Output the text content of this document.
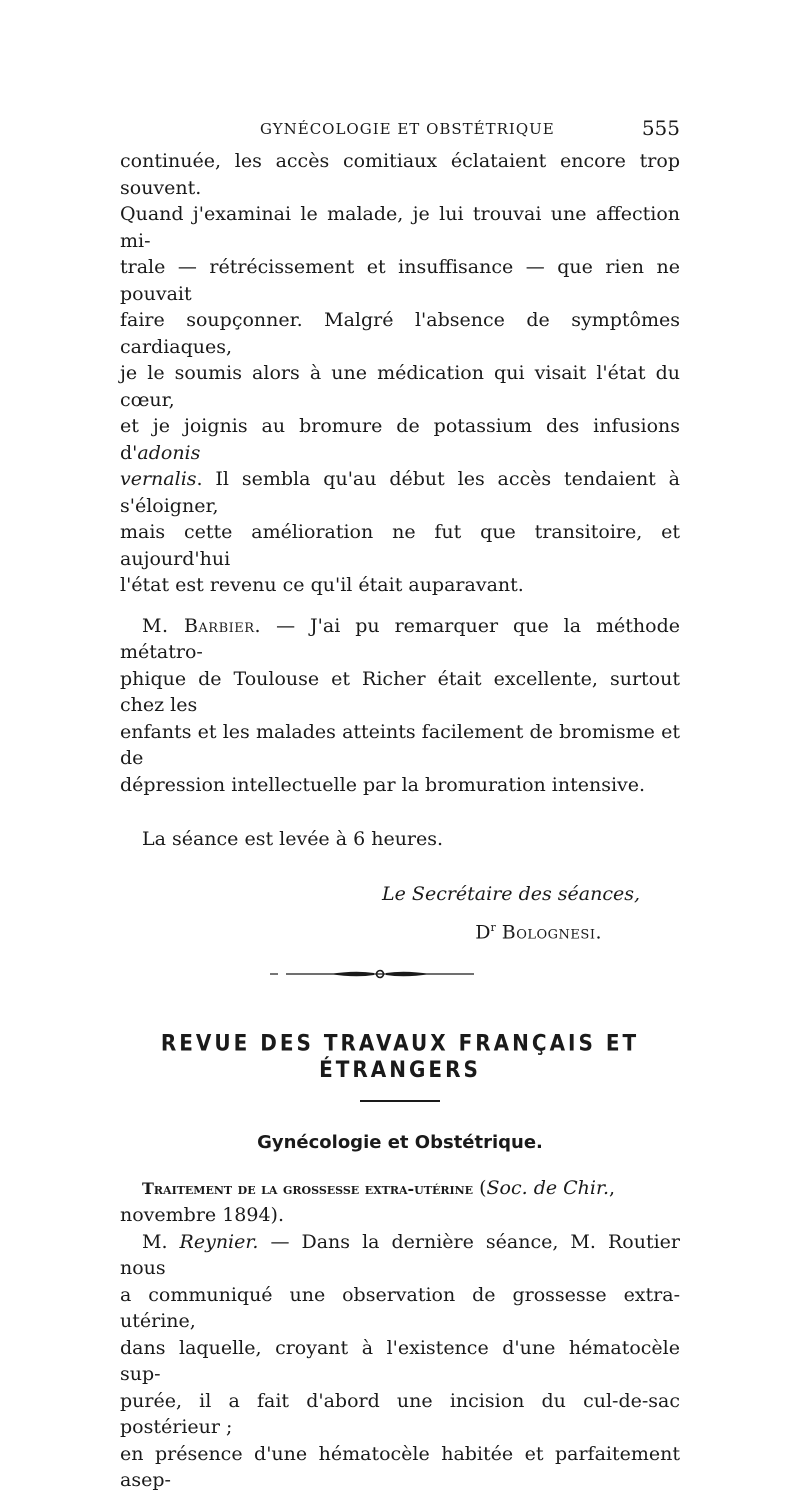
GYNÉCOLOGIE ET OBSTÉTRIQUE	555
continuée, les accès comitiaux éclataient encore trop souvent.
Quand j'examinai le malade, je lui trouvai une affection mi-
trale — rétrécissement et insuffisance — que rien ne pouvait
faire soupçonner. Malgré l'absence de symptômes cardiaques,
je le soumis alors à une médication qui visait l'état du cœur,
et je joignis au bromure de potassium des infusions d'adonis
vernalis. Il sembla qu'au début les accès tendaient à s'éloigner,
mais cette amélioration ne fut que transitoire, et aujourd'hui
l'état est revenu ce qu'il était auparavant.
M. Barbier. — J'ai pu remarquer que la méthode métatro-
phique de Toulouse et Richer était excellente, surtout chez les
enfants et les malades atteints facilement de bromisme et de
dépression intellectuelle par la bromuration intensive.
La séance est levée à 6 heures.
Le Secrétaire des séances,
$D^r$ Bolognesi.
REVUE DES TRAVAUX FRANÇAIS ET ÉTRANGERS
Gynécologie et Obstétrique.
Traitement de la grossesse extra-utérine (Soc. de Chir.,
novembre 1894).
M. Reynier. — Dans la dernière séance, M. Routier nous
a communiqué une observation de grossesse extra-utérine,
dans laquelle, croyant à l'existence d'une hématocèle sup-
purée, il a fait d'abord une incision du cul-de-sac postérieur ;
en présence d'une hématocèle habitée et parfaitement asep-
